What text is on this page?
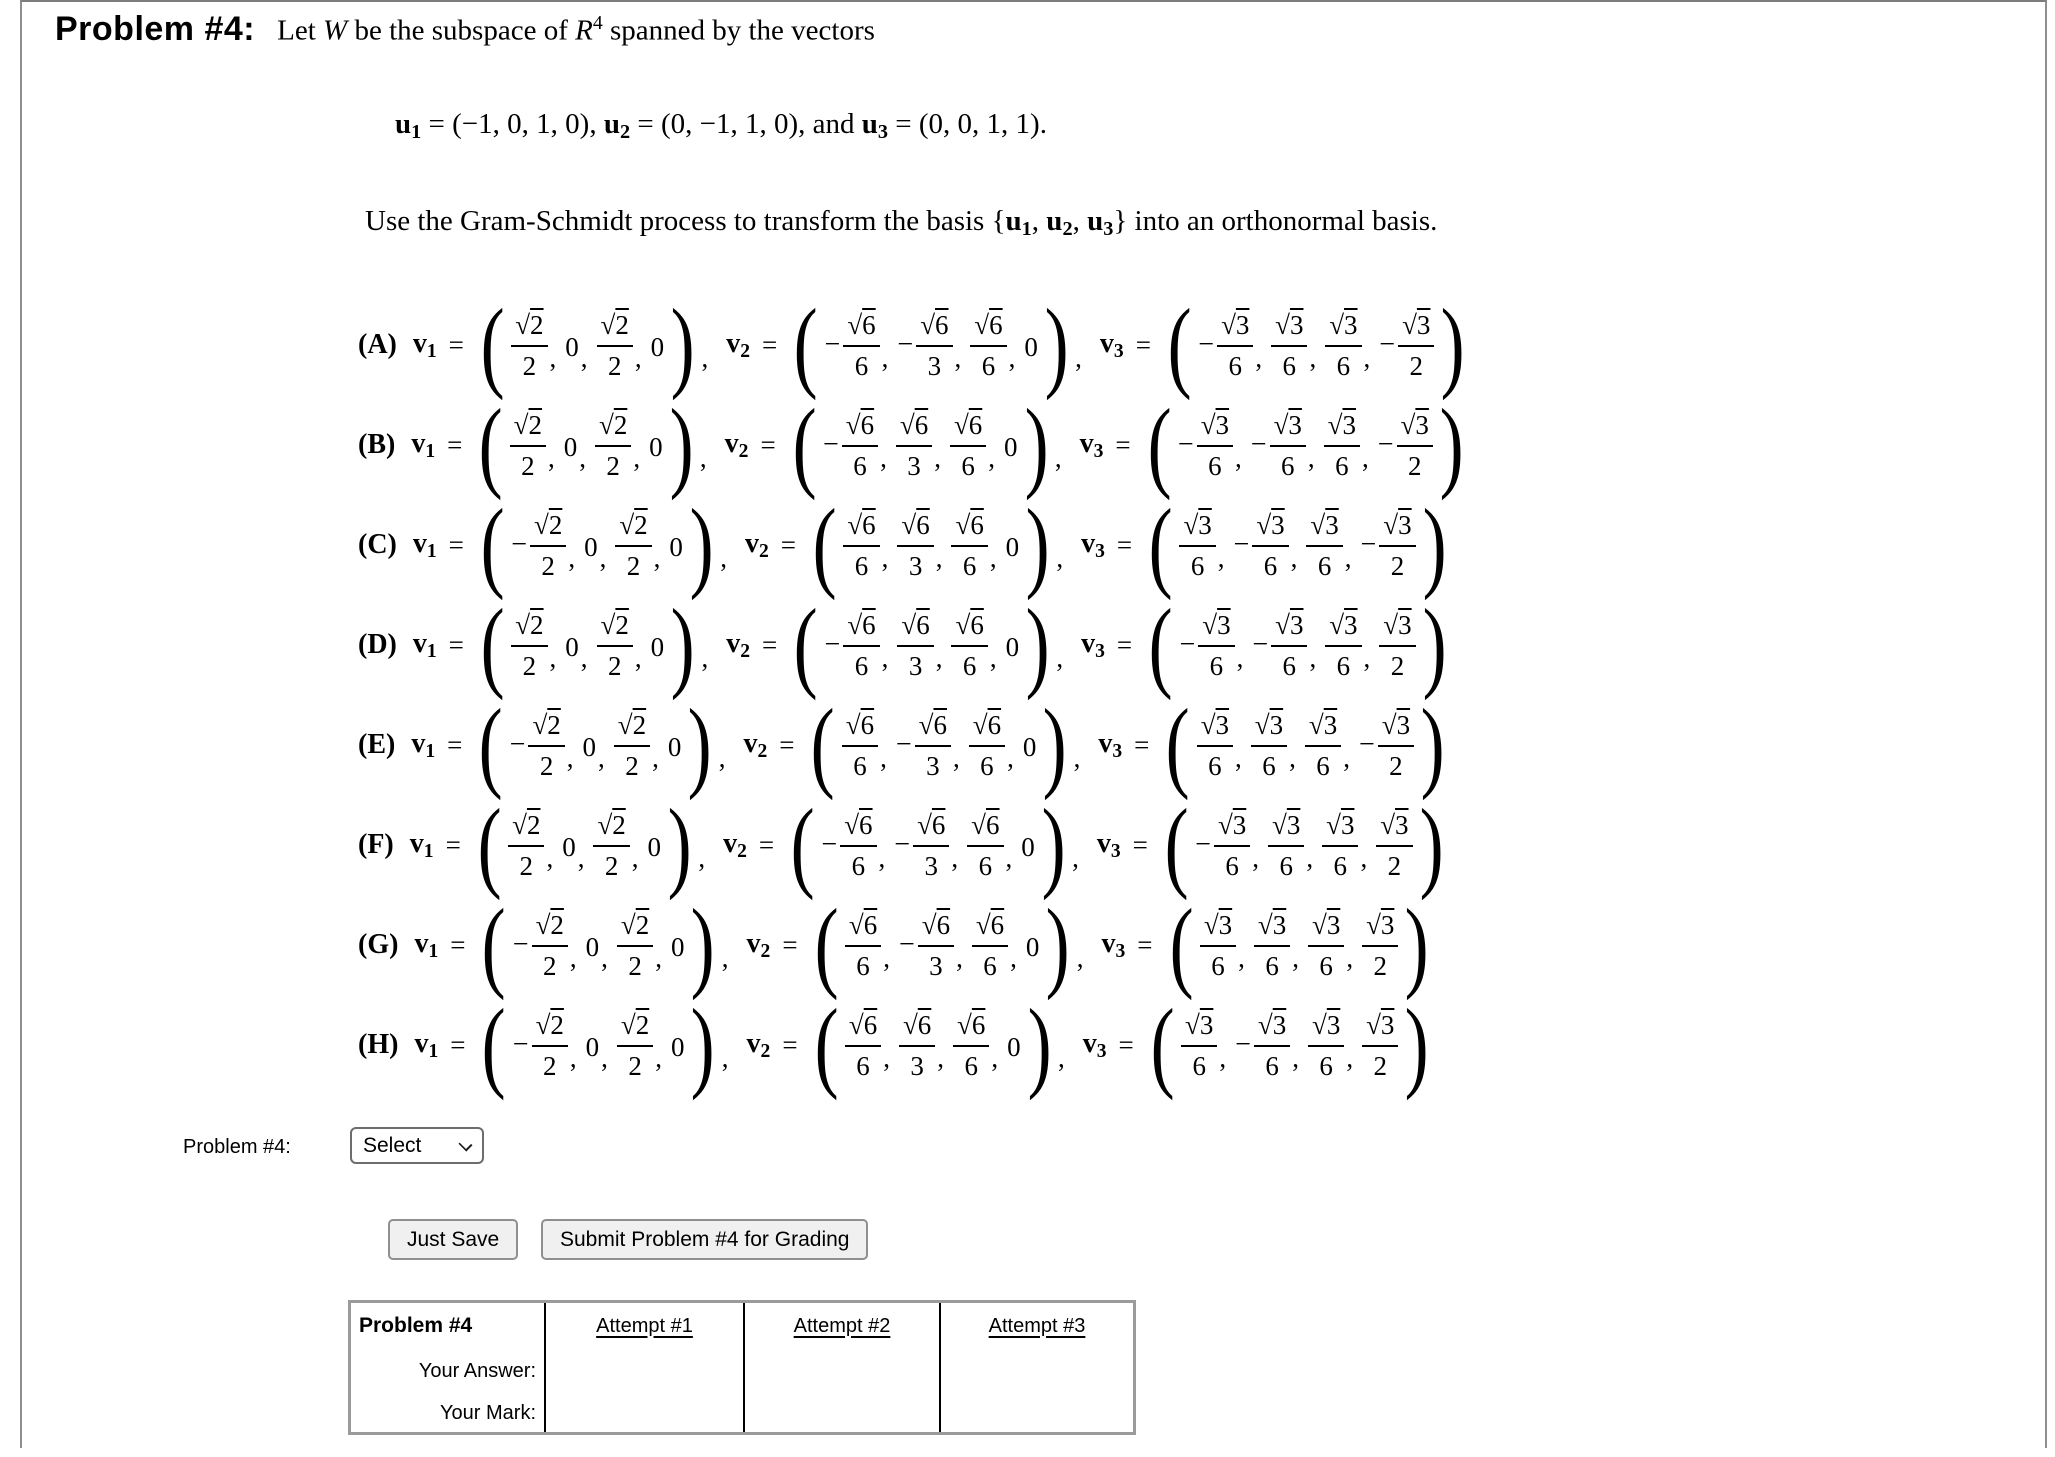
Problem #4: Let W be the subspace of $R^4$ spanned by the vectors
$u_1 = (-1$, 0, 1, 0), $u_2 = (0$, −1, 1, 0), and $u_3 = (0$, 0, 1, 1).
Use the Gram-Schmidt process to transform the basis {$u_1$, $u_2$, $u_3$} into an orthonormal basis.
(A) $v_1$ = ( $\frac{√2}{2}$ , 0 , $\frac{√2}{2}$ , 0 ) , $v_2$ = ( − $\frac{√6}{6}$ , − $\frac{√6}{3}$ , $\frac{√6}{6}$ , 0 ) , $v_3$ = ( − $\frac{√3}{6}$ , $\frac{√3}{6}$ , $\frac{√3}{6}$ , − $\frac{√3}{2}$ )
(B) $v_1$ = ( $\frac{√2}{2}$ , 0 , $\frac{√2}{2}$ , 0 ) , $v_2$ = ( − $\frac{√6}{6}$ , $\frac{√6}{3}$ , $\frac{√6}{6}$ , 0 ) , $v_3$ = ( − $\frac{√3}{6}$ , − $\frac{√3}{6}$ , $\frac{√3}{6}$ , − $\frac{√3}{2}$ )
(C) $v_1$ = ( − $\frac{√2}{2}$ , 0 , $\frac{√2}{2}$ , 0 ) , $v_2$ = ( $\frac{√6}{6}$ , $\frac{√6}{3}$ , $\frac{√6}{6}$ , 0 ) , $v_3$ = ( $\frac{√3}{6}$ , − $\frac{√3}{6}$ , $\frac{√3}{6}$ , − $\frac{√3}{2}$ )
(D) $v_1$ = ( $\frac{√2}{2}$ , 0 , $\frac{√2}{2}$ , 0 ) , $v_2$ = ( − $\frac{√6}{6}$ , $\frac{√6}{3}$ , $\frac{√6}{6}$ , 0 ) , $v_3$ = ( − $\frac{√3}{6}$ , − $\frac{√3}{6}$ , $\frac{√3}{6}$ , $\frac{√3}{2}$ )
(E) $v_1$ = ( − $\frac{√2}{2}$ , 0 , $\frac{√2}{2}$ , 0 ) , $v_2$ = ( $\frac{√6}{6}$ , − $\frac{√6}{3}$ , $\frac{√6}{6}$ , 0 ) , $v_3$ = ( $\frac{√3}{6}$ , $\frac{√3}{6}$ , $\frac{√3}{6}$ , − $\frac{√3}{2}$ )
(F) $v_1$ = ( $\frac{√2}{2}$ , 0 , $\frac{√2}{2}$ , 0 ) , $v_2$ = ( − $\frac{√6}{6}$ , − $\frac{√6}{3}$ , $\frac{√6}{6}$ , 0 ) , $v_3$ = ( − $\frac{√3}{6}$ , $\frac{√3}{6}$ , $\frac{√3}{6}$ , $\frac{√3}{2}$ )
(G) $v_1$ = ( − $\frac{√2}{2}$ , 0 , $\frac{√2}{2}$ , 0 ) , $v_2$ = ( $\frac{√6}{6}$ , − $\frac{√6}{3}$ , $\frac{√6}{6}$ , 0 ) , $v_3$ = ( $\frac{√3}{6}$ , $\frac{√3}{6}$ , $\frac{√3}{6}$ , $\frac{√3}{2}$ )
(H) $v_1$ = ( − $\frac{√2}{2}$ , 0 , $\frac{√2}{2}$ , 0 ) , $v_2$ = ( $\frac{√6}{6}$ , $\frac{√6}{3}$ , $\frac{√6}{6}$ , 0 ) , $v_3$ = ( $\frac{√3}{6}$ , − $\frac{√3}{6}$ , $\frac{√3}{6}$ , $\frac{√3}{2}$ )
Problem #4:
Select
Just Save	Submit Problem #4 for Grading
Problem #4	Attempt #1	Attempt #2	Attempt #3
Your Answer:
Your Mark:
